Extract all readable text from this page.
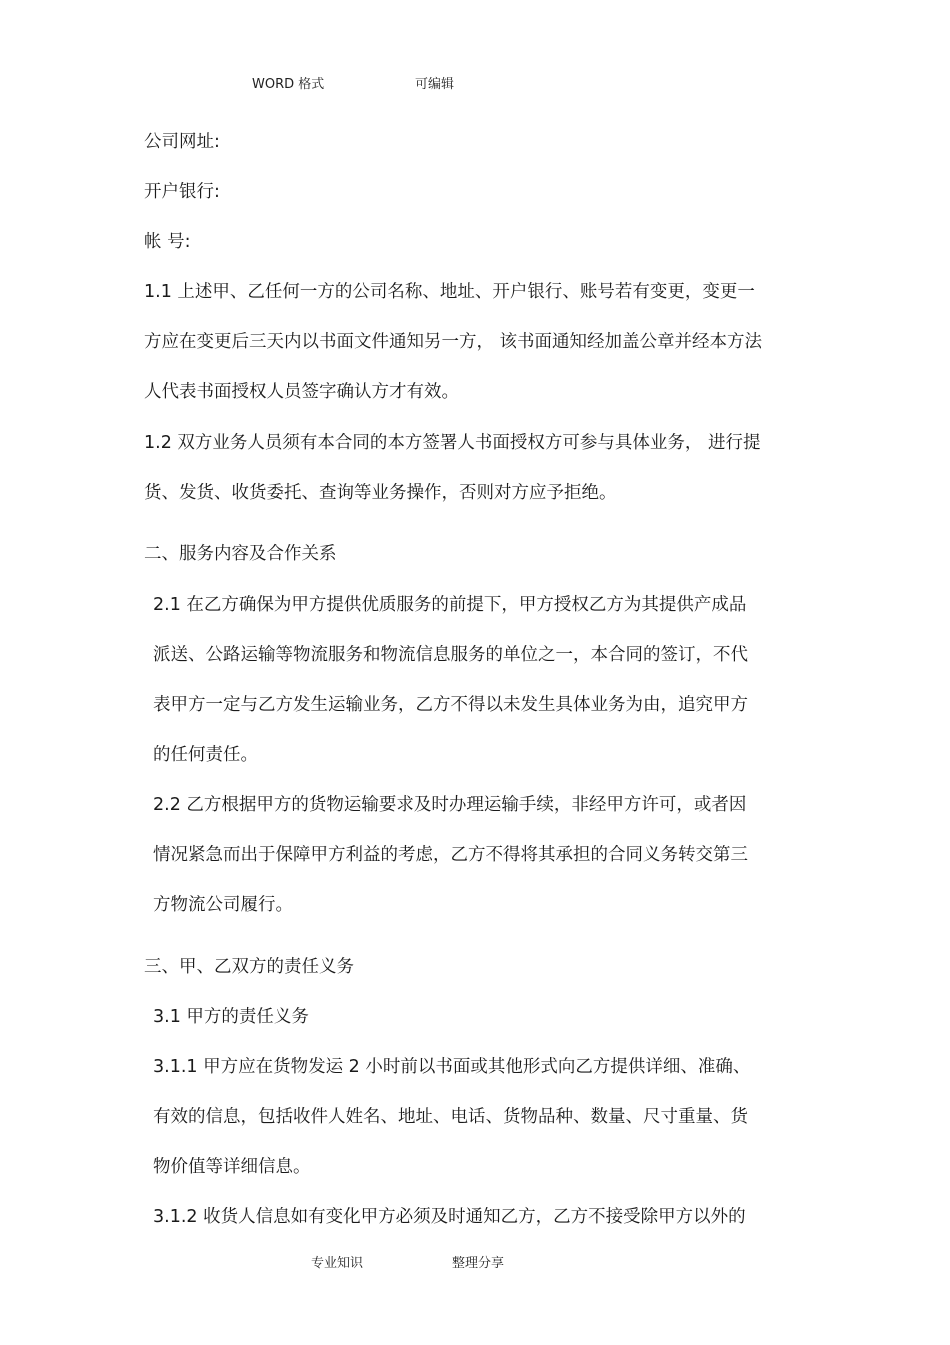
WORD 格式	可编辑
公司网址:
开户银行:
帐 号:
1.1 上述甲、乙任何一方的公司名称、地址、开户银行、账号若有变更，变更一
方应在变更后三天内以书面文件通知另一方， 该书面通知经加盖公章并经本方法
人代表书面授权人员签字确认方才有效。
1.2 双方业务人员须有本合同的本方签署人书面授权方可参与具体业务， 进行提
货、发货、收货委托、查询等业务操作，否则对方应予拒绝。
二、服务内容及合作关系
2.1 在乙方确保为甲方提供优质服务的前提下，甲方授权乙方为其提供产成品
派送、公路运输等物流服务和物流信息服务的单位之一，本合同的签订，不代
表甲方一定与乙方发生运输业务，乙方不得以未发生具体业务为由，追究甲方
的任何责任。
2.2 乙方根据甲方的货物运输要求及时办理运输手续，非经甲方许可，或者因
情况紧急而出于保障甲方利益的考虑，乙方不得将其承担的合同义务转交第三
方物流公司履行。
三、甲、乙双方的责任义务
3.1 甲方的责任义务
3.1.1 甲方应在货物发运 2 小时前以书面或其他形式向乙方提供详细、准确、
有效的信息，包括收件人姓名、地址、电话、货物品种、数量、尺寸重量、货
物价值等详细信息。
3.1.2 收货人信息如有变化甲方必须及时通知乙方，乙方不接受除甲方以外的
专业知识	整理分享
